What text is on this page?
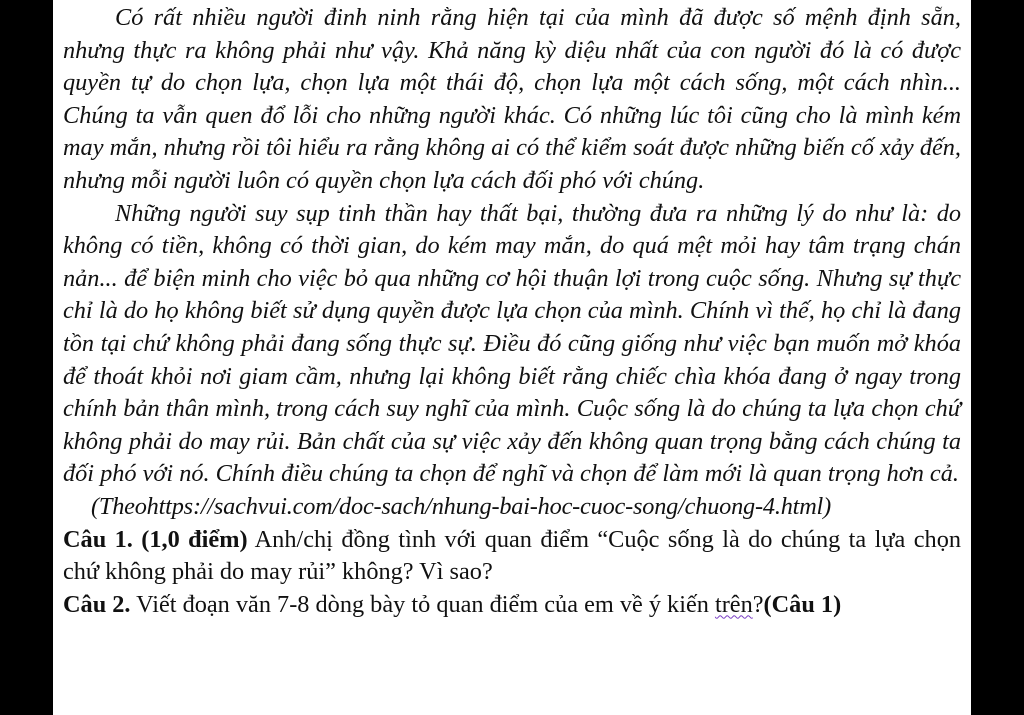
Có rất nhiều người đinh ninh rằng hiện tại của mình đã được số mệnh định sẵn, nhưng thực ra không phải như vậy. Khả năng kỳ diệu nhất của con người đó là có được quyền tự do chọn lựa, chọn lựa một thái độ, chọn lựa một cách sống, một cách nhìn... Chúng ta vẫn quen đổ lỗi cho những người khác. Có những lúc tôi cũng cho là mình kém may mắn, nhưng rồi tôi hiểu ra rằng không ai có thể kiểm soát được những biến cố xảy đến, nhưng mỗi người luôn có quyền chọn lựa cách đối phó với chúng.

Những người suy sụp tinh thần hay thất bại, thường đưa ra những lý do như là: do không có tiền, không có thời gian, do kém may mắn, do quá mệt mỏi hay tâm trạng chán nản... để biện minh cho việc bỏ qua những cơ hội thuận lợi trong cuộc sống. Nhưng sự thực chỉ là do họ không biết sử dụng quyền được lựa chọn của mình. Chính vì thế, họ chỉ là đang tồn tại chứ không phải đang sống thực sự. Điều đó cũng giống như việc bạn muốn mở khóa để thoát khỏi nơi giam cầm, nhưng lại không biết rằng chiếc chìa khóa đang ở ngay trong chính bản thân mình, trong cách suy nghĩ của mình. Cuộc sống là do chúng ta lựa chọn chứ không phải do may rủi. Bản chất của sự việc xảy đến không quan trọng bằng cách chúng ta đối phó với nó. Chính điều chúng ta chọn để nghĩ và chọn để làm mới là quan trọng hơn cả.

(Theohttps://sachvui.com/doc-sach/nhung-bai-hoc-cuoc-song/chuong-4.html)

Câu 1. (1,0 điểm) Anh/chị đồng tình với quan điểm “Cuộc sống là do chúng ta lựa chọn chứ không phải do may rủi” không? Vì sao?

Câu 2. Viết đoạn văn 7-8 dòng bày tỏ quan điểm của em về ý kiến trên?(Câu 1)
